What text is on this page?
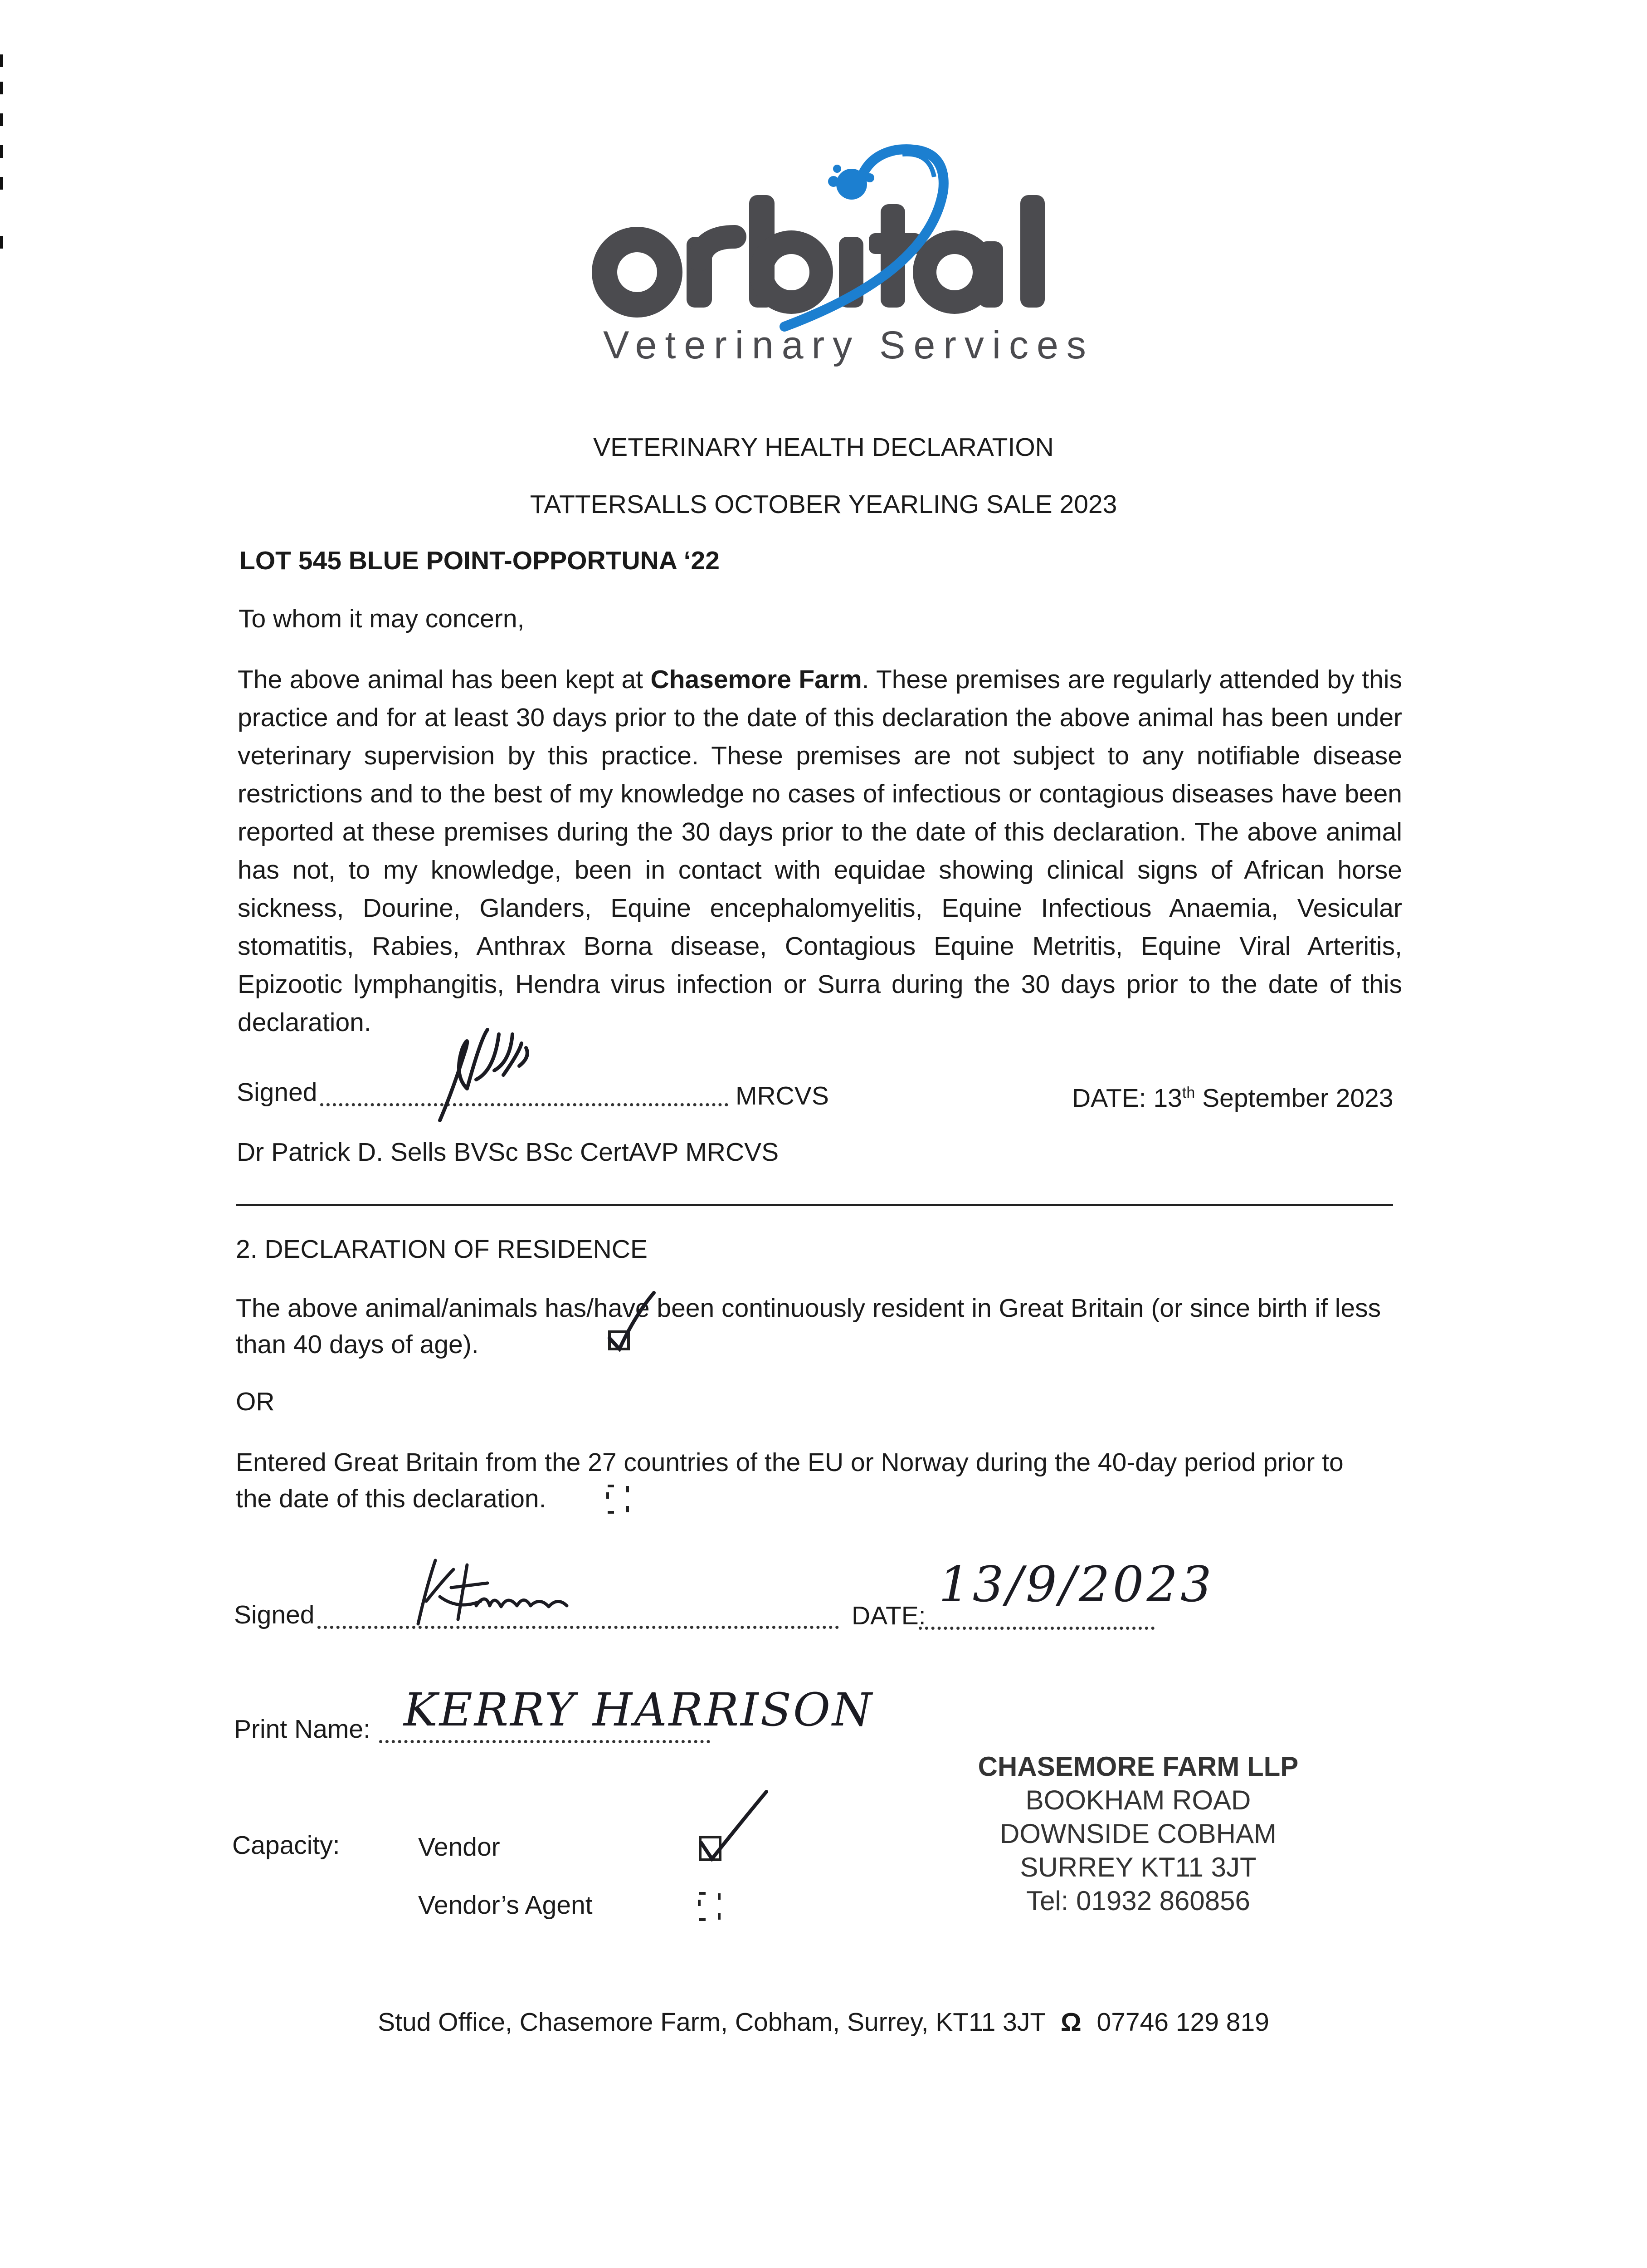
Veterinary Services
VETERINARY HEALTH DECLARATION
TATTERSALLS OCTOBER YEARLING SALE 2023
LOT 545 BLUE POINT-OPPORTUNA ‘22
To whom it may concern,
The above animal has been kept at Chasemore Farm. These premises are regularly attended by this practice and for at least 30 days prior to the date of this declaration the above animal has been under veterinary supervision by this practice. These premises are not subject to any notifiable disease restrictions and to the best of my knowledge no cases of infectious or contagious diseases have been reported at these premises during the 30 days prior to the date of this declaration. The above animal has not, to my knowledge, been in contact with equidae showing clinical signs of African horse sickness, Dourine, Glanders, Equine encephalomyelitis, Equine Infectious Anaemia, Vesicular stomatitis, Rabies, Anthrax Borna disease, Contagious Equine Metritis, Equine Viral Arteritis, Epizootic lymphangitis, Hendra virus infection or Surra during the 30 days prior to the date of this declaration.
Signed	MRCVS	DATE: 13th September 2023
Dr Patrick D. Sells BVSc BSc CertAVP MRCVS
2. DECLARATION OF RESIDENCE
The above animal/animals has/have been continuously resident in Great Britain (or since birth if less
than 40 days of age).
OR
Entered Great Britain from the 27 countries of the EU or Norway during the 40-day period prior to
the date of this declaration.
Signed	DATE:
13/9/2023
Print Name: KERRY HARRISON
Capacity:	Vendor
Vendor’s Agent
CHASEMORE FARM LLP
BOOKHAM ROAD
DOWNSIDE COBHAM
SURREY KT11 3JT
Tel: 01932 860856
Stud Office, Chasemore Farm, Cobham, Surrey, KT11 3JT Ω 07746 129 819
